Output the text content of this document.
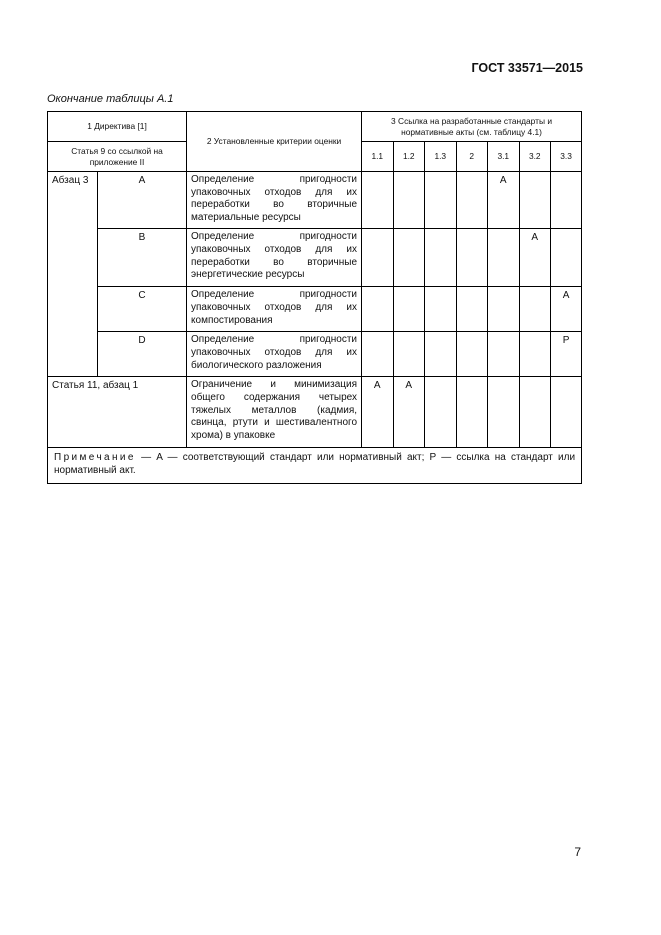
ГОСТ 33571—2015
Окончание таблицы А.1
1 Директива [1]		2 Установленные критерии оценки	3 Ссылка на разработанные стандарты и нормативные акты (см. таблицу 4.1)						
Статья 9 со ссылкой на приложение II			1.1	1.2	1.3	2	3.1	3.2	3.3
Абзац 3	A	Определение пригодности упаковочных отходов для их переработки во вторичные материальные ресурсы					A		
	B	Определение пригодности упаковочных отходов для их переработки во вторичные энергетические ресурсы						A	
	C	Определение пригодности упаковочных отходов для их компостирования							A
	D	Определение пригодности упаковочных отходов для их биологического разложения							P
Статья 11, абзац 1		Ограничение и минимизация общего содержания четырех тяжелых металлов (кадмия, свинца, ртути и шестивалентного хрома) в упаковке	A	A					
Примечание — A — соответствующий стандарт или нормативный акт; P — ссылка на стандарт или нормативный акт.									
7
